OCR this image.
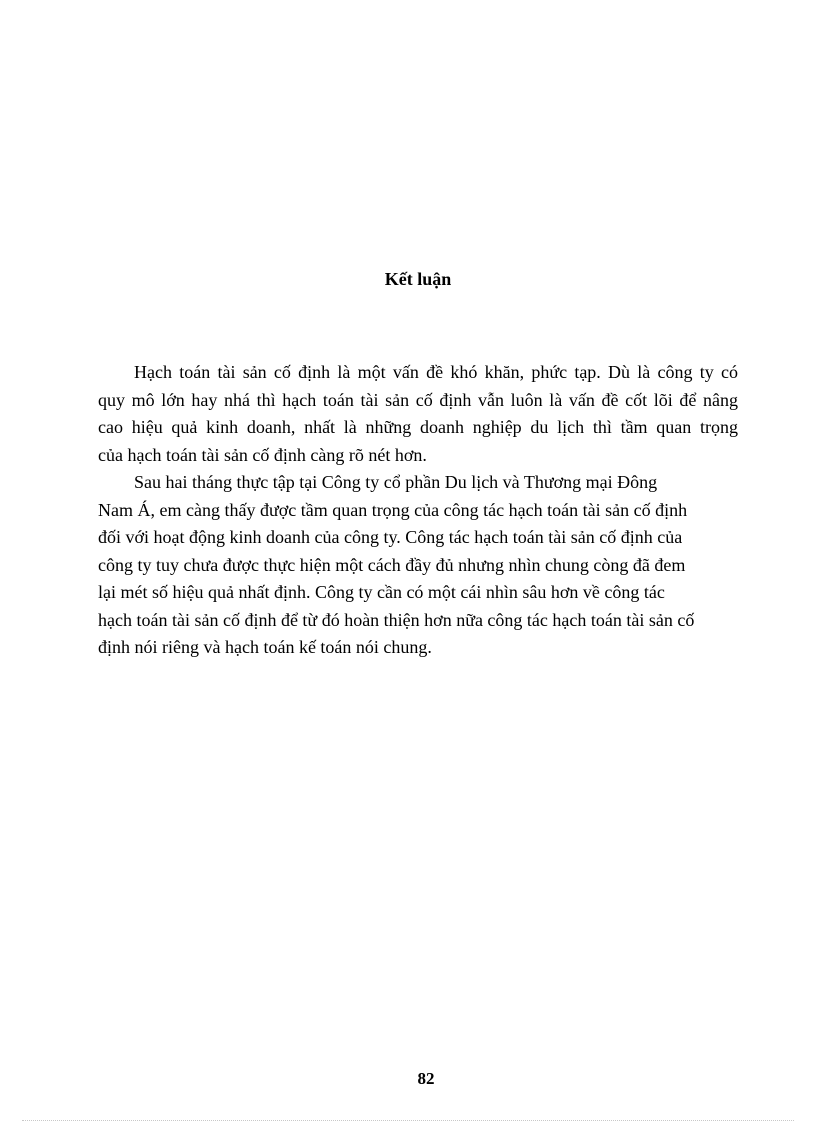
Kết luận

Hạch toán tài sản cố định là một vấn đề khó khăn, phức tạp. Dù là công ty có
quy mô lớn hay nhá thì hạch toán tài sản cố định vẫn luôn là vấn đề cốt lõi để nâng
cao hiệu quả kinh doanh, nhất là những doanh nghiệp du lịch thì tầm quan trọng
của hạch toán tài sản cố định càng rõ nét hơn.

Sau hai tháng thực tập tại Công ty cổ phần Du lịch và Thương mại Đông
Nam Á, em càng thấy được tầm quan trọng của công tác hạch toán tài sản cố định
đối với hoạt động kinh doanh của công ty. Công tác hạch toán tài sản cố định của
công ty tuy chưa được thực hiện một cách đầy đủ nhưng nhìn chung còng đã đem
lại mét số hiệu quả nhất định. Công ty cần có một cái nhìn sâu hơn về công tác
hạch toán tài sản cố định để từ đó hoàn thiện hơn nữa công tác hạch toán tài sản cố
định nói riêng và hạch toán kế toán nói chung.

82
